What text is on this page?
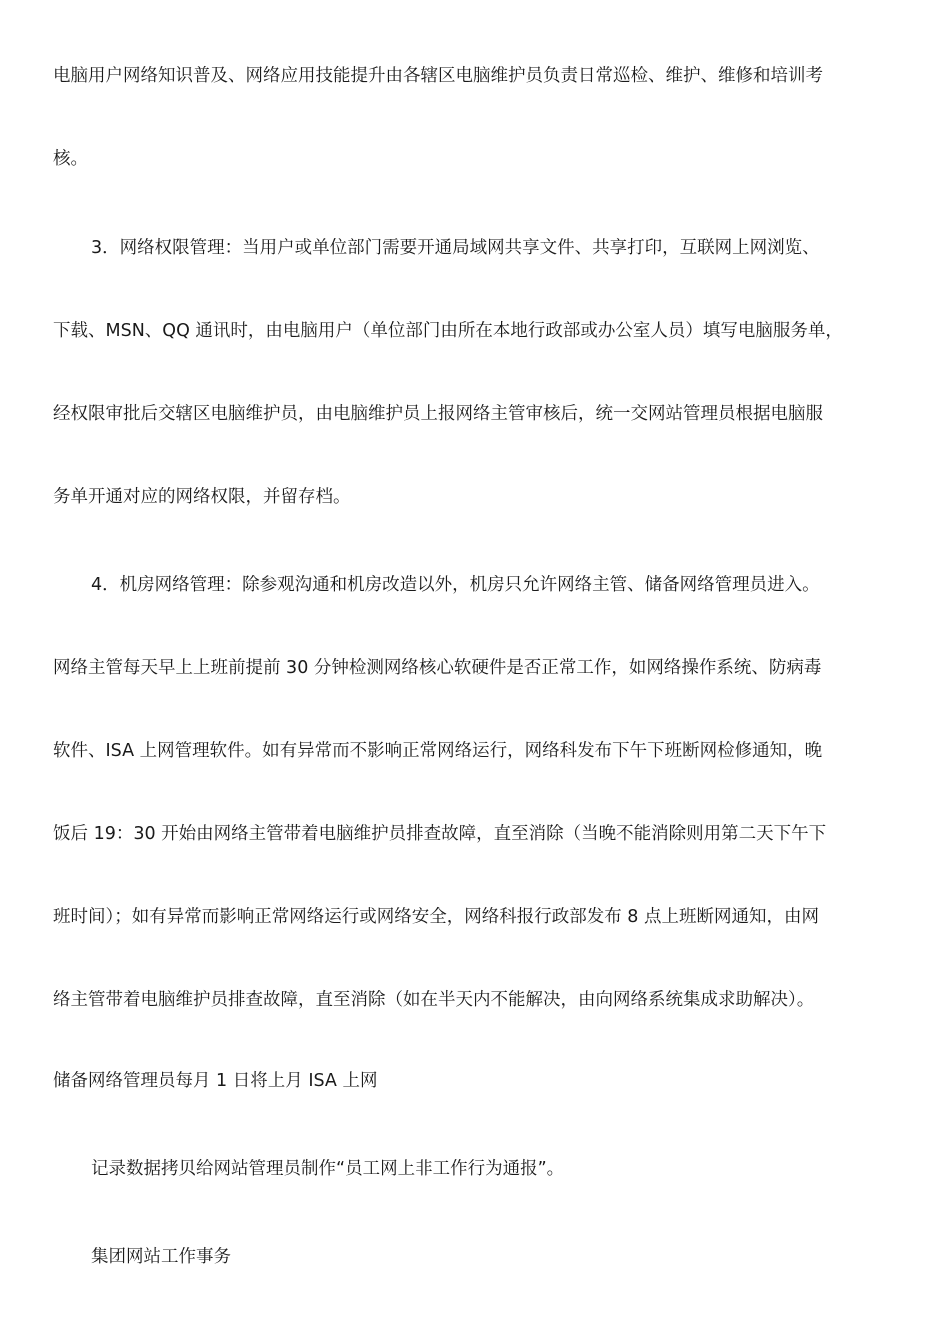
电脑用户网络知识普及、网络应用技能提升由各辖区电脑维护员负责日常巡检、维护、维修和培训考
核。
3．网络权限管理：当用户或单位部门需要开通局域网共享文件、共享打印，互联网上网浏览、
下载、MSN、QQ 通讯时，由电脑用户（单位部门由所在本地行政部或办公室人员）填写电脑服务单，
经权限审批后交辖区电脑维护员，由电脑维护员上报网络主管审核后，统一交网站管理员根据电脑服
务单开通对应的网络权限，并留存档。
4．机房网络管理：除参观沟通和机房改造以外，机房只允许网络主管、储备网络管理员进入。
网络主管每天早上上班前提前 30 分钟检测网络核心软硬件是否正常工作，如网络操作系统、防病毒
软件、ISA 上网管理软件。如有异常而不影响正常网络运行，网络科发布下午下班断网检修通知，晚
饭后 19：30 开始由网络主管带着电脑维护员排查故障，直至消除（当晚不能消除则用第二天下午下
班时间）；如有异常而影响正常网络运行或网络安全，网络科报行政部发布 8 点上班断网通知，由网
络主管带着电脑维护员排查故障，直至消除（如在半天内不能解决，由向网络系统集成求助解决）。
储备网络管理员每月 1 日将上月 ISA 上网
记录数据拷贝给网站管理员制作“员工网上非工作行为通报”。
集团网站工作事务
